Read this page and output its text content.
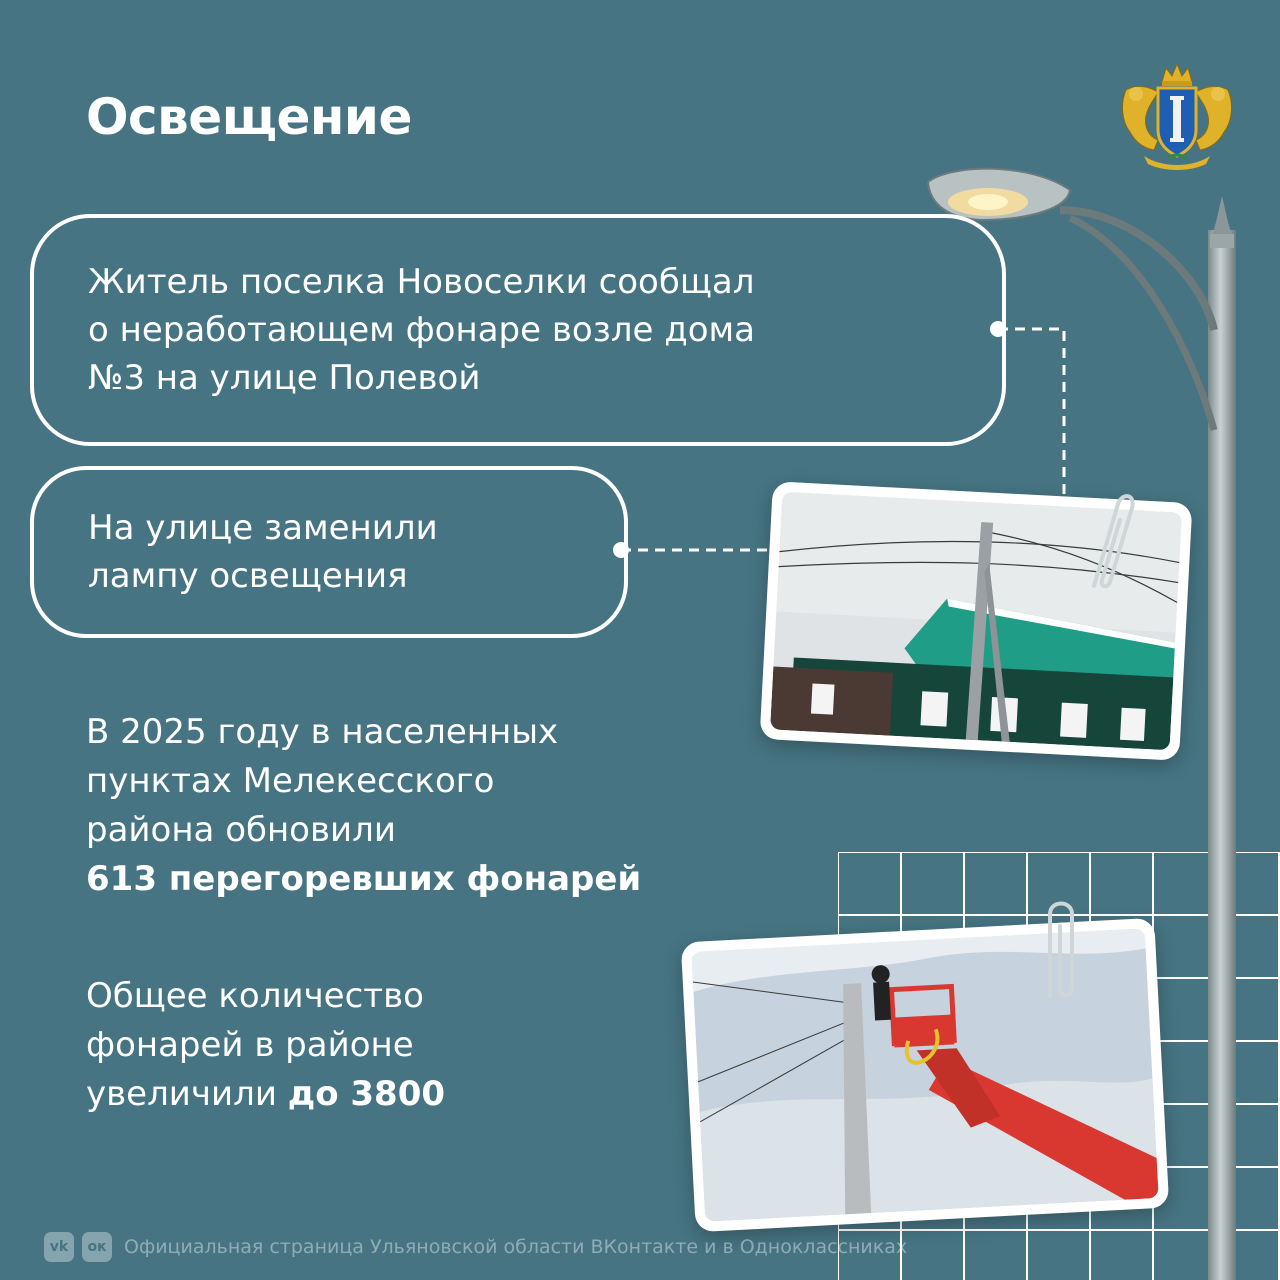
Освещение

Житель поселка Новоселки сообщал
о неработающем фонаре возле дома
№3 на улице Полевой

На улице заменили
лампу освещения

В 2025 году в населенных
пунктах Мелекесского
района обновили
613 перегоревших фонарей

Общее количество
фонарей в районе
увеличили до 3800

vk ок Официальная страница Ульяновской области ВКонтакте и в Одноклассниках
